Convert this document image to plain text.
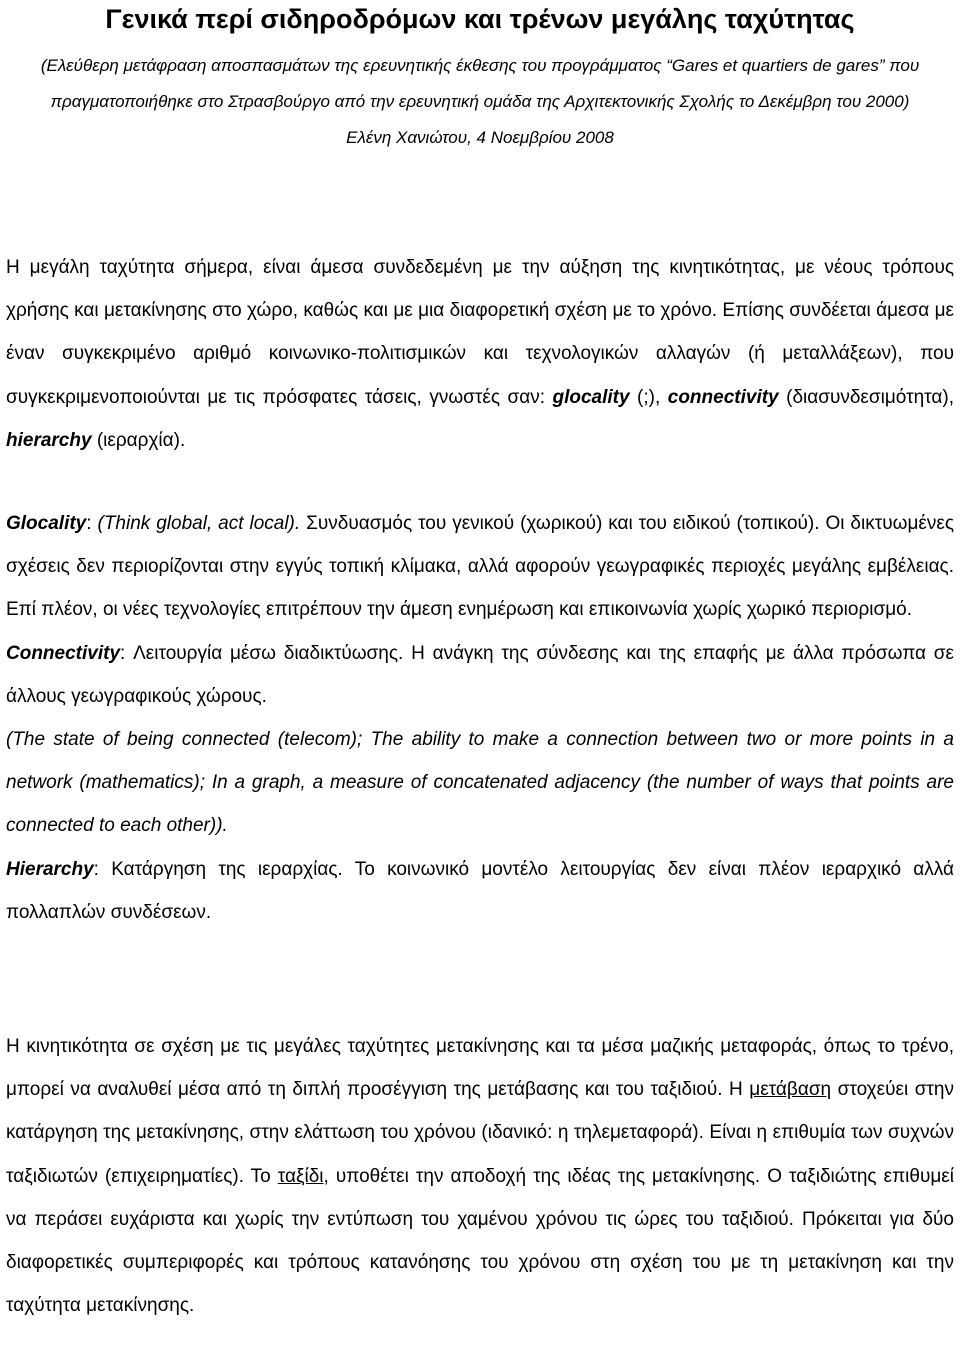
Γενικά περί σιδηροδρόμων και τρένων μεγάλης ταχύτητας
(Ελεύθερη μετάφραση αποσπασμάτων της ερευνητικής έκθεσης του προγράμματος “Gares et quartiers de gares” που
πραγματοποιήθηκε στο Στρασβούργο από την ερευνητική ομάδα της Αρχιτεκτονικής Σχολής το Δεκέμβρη του 2000)
Ελένη Χανιώτου, 4 Νοεμβρίου 2008

Η μεγάλη ταχύτητα σήμερα, είναι άμεσα συνδεδεμένη με την αύξηση της κινητικότητας, με νέους τρόπους χρήσης και μετακίνησης στο χώρο, καθώς και με μια διαφορετική σχέση με το χρόνο. Επίσης συνδέεται άμεσα με έναν συγκεκριμένο αριθμό κοινωνικο-πολιτισμικών και τεχνολογικών αλλαγών (ή μεταλλάξεων), που συγκεκριμενοποιούνται με τις πρόσφατες τάσεις, γνωστές σαν: glocality (;), connectivity (διασυνδεσιμότητα), hierarchy (ιεραρχία).

Glocality: (Think global, act local). Συνδυασμός του γενικού (χωρικού) και του ειδικού (τοπικού). Οι δικτυωμένες σχέσεις δεν περιορίζονται στην εγγύς τοπική κλίμακα, αλλά αφορούν γεωγραφικές περιοχές μεγάλης εμβέλειας. Επί πλέον, οι νέες τεχνολογίες επιτρέπουν την άμεση ενημέρωση και επικοινωνία χωρίς χωρικό περιορισμό.
Connectivity: Λειτουργία μέσω διαδικτύωσης. Η ανάγκη της σύνδεσης και της επαφής με άλλα πρόσωπα σε άλλους γεωγραφικούς χώρους.
(The state of being connected (telecom); The ability to make a connection between two or more points in a network (mathematics); In a graph, a measure of concatenated adjacency (the number of ways that points are connected to each other)).
Hierarchy: Κατάργηση της ιεραρχίας. Το κοινωνικό μοντέλο λειτουργίας δεν είναι πλέον ιεραρχικό αλλά πολλαπλών συνδέσεων.

Η κινητικότητα σε σχέση με τις μεγάλες ταχύτητες μετακίνησης και τα μέσα μαζικής μεταφοράς, όπως το τρένο, μπορεί να αναλυθεί μέσα από τη διπλή προσέγγιση της μετάβασης και του ταξιδιού. Η μετάβαση στοχεύει στην κατάργηση της μετακίνησης, στην ελάττωση του χρόνου (ιδανικό: η τηλεμεταφορά). Είναι η επιθυμία των συχνών ταξιδιωτών (επιχειρηματίες). Το ταξίδι, υποθέτει την αποδοχή της ιδέας της μετακίνησης. Ο ταξιδιώτης επιθυμεί να περάσει ευχάριστα και χωρίς την εντύπωση του χαμένου χρόνου τις ώρες του ταξιδιού. Πρόκειται για δύο διαφορετικές συμπεριφορές και τρόπους κατανόησης του χρόνου στη σχέση του με τη μετακίνηση και την ταχύτητα μετακίνησης.
